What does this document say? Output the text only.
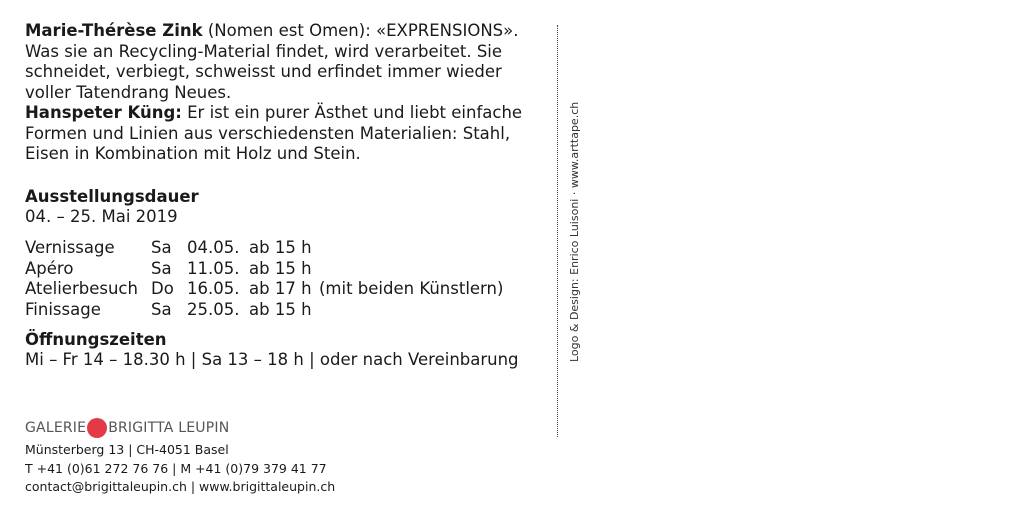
Marie-Thérèse Zink (Nomen est Omen): «EXPRENSIONS».

Was sie an Recycling-Material findet, wird verarbeitet. Sie

schneidet, verbiegt, schweisst und erfindet immer wieder

voller Tatendrang Neues.

Hanspeter Küng: Er ist ein purer Ästhet und liebt einfache

Formen und Linien aus verschiedensten Materialien: Stahl,

Eisen in Kombination mit Holz und Stein.

Ausstellungsdauer
04. – 25. Mai 2019
Vernissage	Sa	04.05.	ab 15 h	
Apéro	Sa	11.05.	ab 15 h	
Atelierbesuch	Do	16.05.	ab 17 h	(mit beiden Künstlern)
Finissage	Sa	25.05.	ab 15 h	
Öffnungszeiten
Mi – Fr 14 – 18.30 h | Sa 13 – 18 h | oder nach Vereinbarung
GALERIE BRIGITTA LEUPIN
Münsterberg 13 | CH-4051 Basel
T +41 (0)61 272 76 76 | M +41 (0)79 379 41 77
contact@brigittaleupin.ch | www.brigittaleupin.ch
Logo & Design: Enrico Luisoni · www.arttape.ch
